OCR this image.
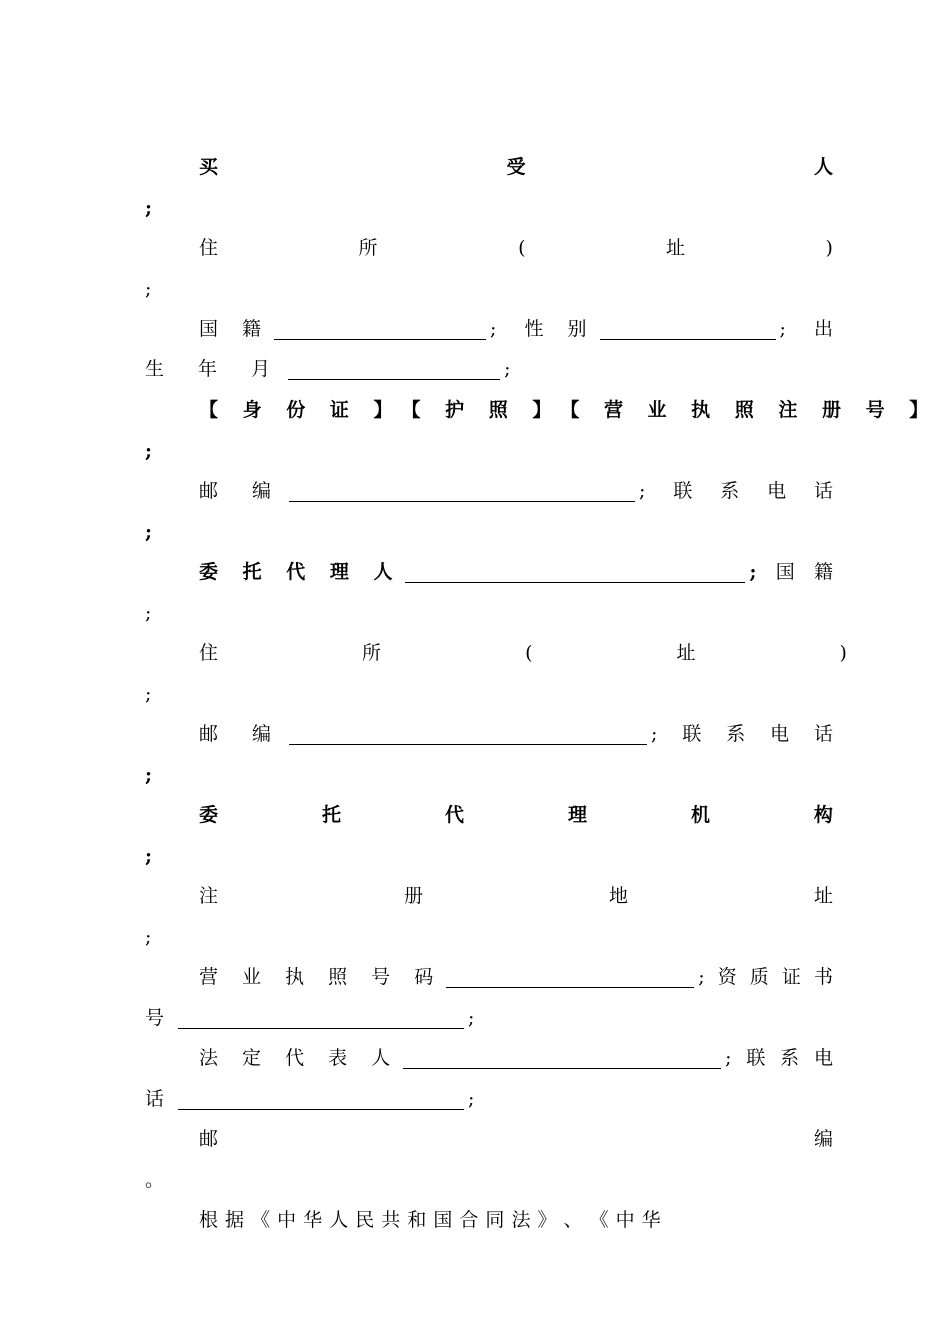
买	受	人
;
住	所	(	址	)
;
国 籍	; 性 别	; 出
生 年 月	;
【 身 份 证 】 【 护 照 】 【 营 业 执 照 注 册 号 】
;
邮 编	; 联 系 电 话
;
委 托 代 理 人	; 国 籍
;
住	所	(	址	)
;
邮 编	; 联 系 电 话
;
委	托	代	理	机	构
;
注	册	地	址
;
营 业 执 照 号 码	; 资 质 证 书
号	;
法 定 代 表 人	; 联 系 电
话	;
邮	编
。
根 据 《 中 华 人 民 共 和 国 合 同 法 》 、 《 中 华
